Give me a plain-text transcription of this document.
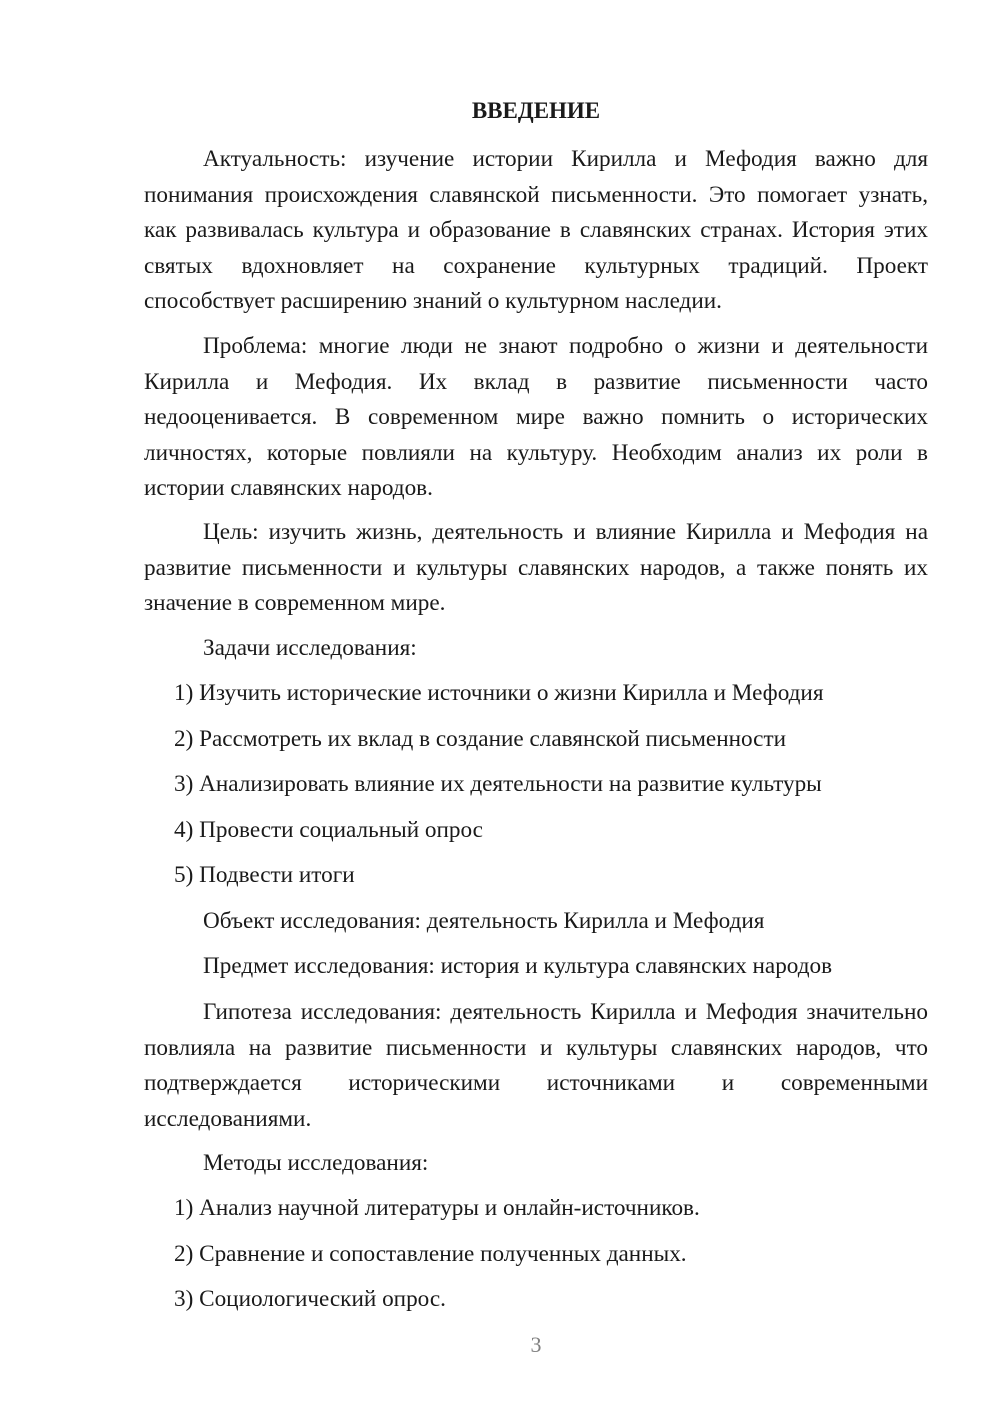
ВВЕДЕНИЕ

Актуальность: изучение истории Кирилла и Мефодия важно для понимания происхождения славянской письменности. Это помогает узнать, как развивалась культура и образование в славянских странах. История этих святых вдохновляет на сохранение культурных традиций. Проект способствует расширению знаний о культурном наследии.

Проблема: многие люди не знают подробно о жизни и деятельности Кирилла и Мефодия. Их вклад в развитие письменности часто недооценивается. В современном мире важно помнить о исторических личностях, которые повлияли на культуру. Необходим анализ их роли в истории славянских народов.

Цель: изучить жизнь, деятельность и влияние Кирилла и Мефодия на развитие письменности и культуры славянских народов, а также понять их значение в современном мире.

Задачи исследования:

1) Изучить исторические источники о жизни Кирилла и Мефодия

2) Рассмотреть их вклад в создание славянской письменности

3) Анализировать влияние их деятельности на развитие культуры

4) Провести социальный опрос

5) Подвести итоги

Объект исследования: деятельность Кирилла и Мефодия

Предмет исследования: история и культура славянских народов

Гипотеза исследования: деятельность Кирилла и Мефодия значительно повлияла на развитие письменности и культуры славянских народов, что подтверждается историческими источниками и современными исследованиями.

Методы исследования:

1) Анализ научной литературы и онлайн-источников.

2) Сравнение и сопоставление полученных данных.

3) Социологический опрос.

3
